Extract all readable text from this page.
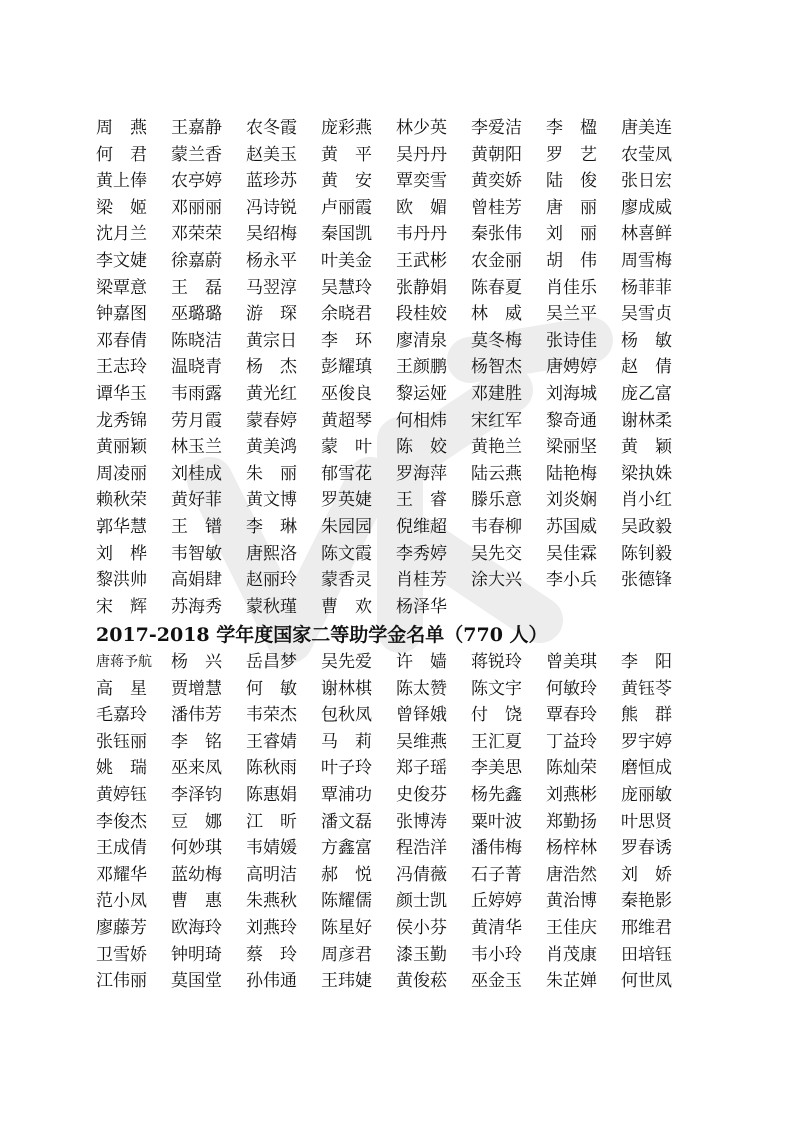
周　燕	王嘉静	农冬霞	庞彩燕	林少英	李爱洁	李　楹	唐美连
何　君	蒙兰香	赵美玉	黄　平	吴丹丹	黄朝阳	罗　艺	农莹凤
黄上俸	农亭婷	蓝珍苏	黄　安	覃奕雪	黄奕娇	陆　俊	张日宏
梁　姬	邓丽丽	冯诗锐	卢丽霞	欧　媚	曾桂芳	唐　丽	廖成威
沈月兰	邓荣荣	吴绍梅	秦国凯	韦丹丹	秦张伟	刘　丽	林喜鲜
李文婕	徐嘉蔚	杨永平	叶美金	王武彬	农金丽	胡　伟	周雪梅
梁覃意	王　磊	马翌淳	吴慧玲	张静娟	陈春夏	肖佳乐	杨菲菲
钟嘉图	巫璐璐	游　琛	余晓君	段桂姣	林　威	吴兰平	吴雪贞
邓春倩	陈晓洁	黄宗日	李　环	廖清泉	莫冬梅	张诗佳	杨　敏
王志玲	温晓青	杨　杰	彭耀瑱	王颜鹏	杨智杰	唐娉婷	赵　倩
谭华玉	韦雨露	黄光红	巫俊良	黎运娅	邓建胜	刘海城	庞乙富
龙秀锦	劳月霞	蒙春婷	黄超琴	何相炜	宋红军	黎奇通	谢林柔
黄丽颖	林玉兰	黄美鸿	蒙　叶	陈　姣	黄艳兰	梁丽坚	黄　颖
周凌丽	刘桂成	朱　丽	郁雪花	罗海萍	陆云燕	陆艳梅	梁执姝
赖秋荣	黄好菲	黄文博	罗英婕	王　睿	滕乐意	刘炎娴	肖小红
郭华慧	王　镨	李　琳	朱园园	倪维超	韦春柳	苏国威	吴政毅
刘　桦	韦智敏	唐熙洛	陈文霞	李秀婷	吴先交	吴佳霖	陈钊毅
黎洪帅	高娟肆	赵丽玲	蒙香灵	肖桂芳	涂大兴	李小兵	张德锋
宋　辉	苏海秀	蒙秋瑾	曹　欢	杨泽华
2017-2018 学年度国家二等助学金名单（770 人）
唐蒋予航	杨　兴	岳昌梦	吴先爱	许　嫱	蒋锐玲	曾美琪	李　阳
高　星	贾增慧	何　敏	谢林棋	陈太赞	陈文宇	何敏玲	黄钰苓
毛嘉玲	潘伟芳	韦荣杰	包秋凤	曾铎娥	付　饶	覃春玲	熊　群
张钰丽	李　铭	王睿婧	马　莉	吴维燕	王汇夏	丁益玲	罗宇婷
姚　瑞	巫来凤	陈秋雨	叶子玲	郑子瑶	李美思	陈灿荣	磨恒成
黄婷钰	李泽钧	陈惠娟	覃浦功	史俊芬	杨先鑫	刘燕彬	庞丽敏
李俊杰	豆　娜	江　昕	潘文磊	张博涛	粟叶波	郑勤扬	叶思贤
王成倩	何妙琪	韦婧媛	方鑫富	程浩洋	潘伟梅	杨梓林	罗春诱
邓耀华	蓝幼梅	高明洁	郝　悦	冯倩薇	石子菁	唐浩然	刘　娇
范小凤	曹　惠	朱燕秋	陈耀儒	颜士凯	丘婷婷	黄治博	秦艳影
廖藤芳	欧海玲	刘燕玲	陈星好	侯小芬	黄清华	王佳庆	邢维君
卫雪娇	钟明琦	蔡　玲	周彦君	漆玉勤	韦小玲	肖茂康	田培钰
江伟丽	莫国堂	孙伟通	王玮婕	黄俊菘	巫金玉	朱芷婵	何世凤
